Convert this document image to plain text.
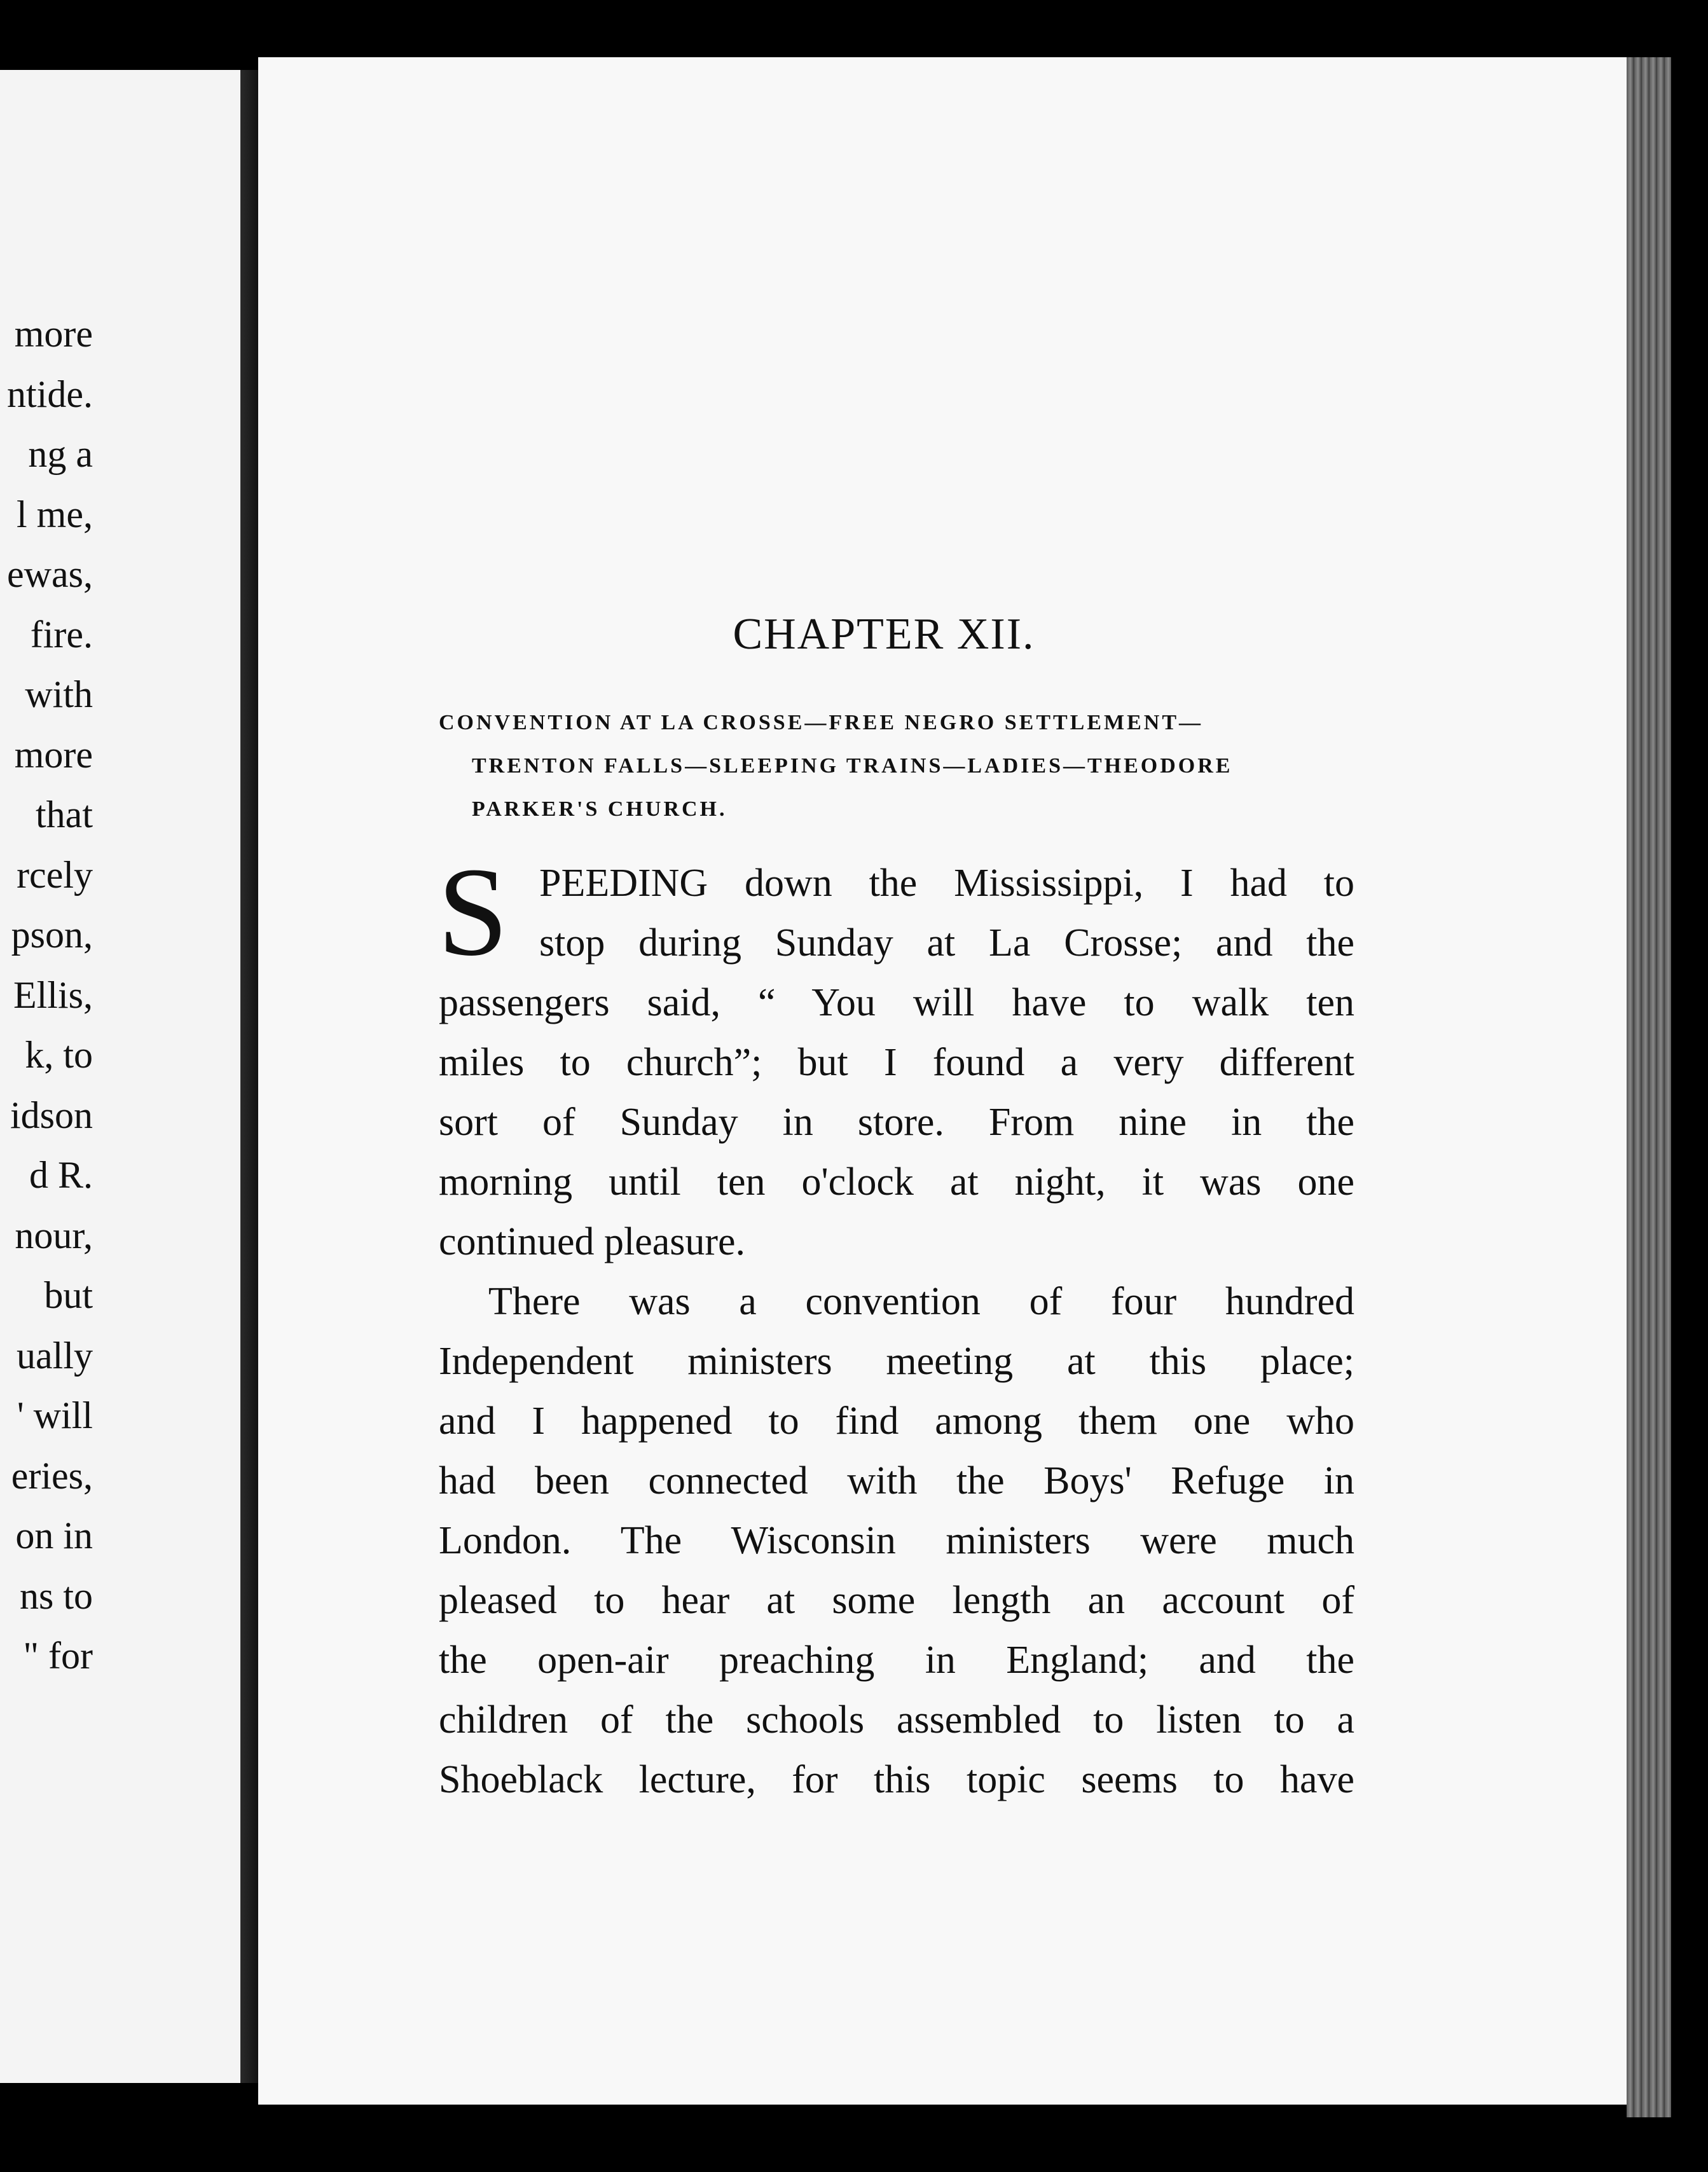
more
ntide.
ng a
l me,
ewas,
fire.
with
more
that
rcely
pson,
Ellis,
k, to
idson
d R.
nour,
but
ually
' will
eries,
on in
ns to
" for
CHAPTER XII.
CONVENTION AT LA CROSSE—FREE NEGRO SETTLEMENT—
TRENTON FALLS—SLEEPING TRAINS—LADIES—THEODORE
PARKER'S CHURCH.
S PEEDING down the Mississippi, I had to
stop during Sunday at La Crosse; and the
passengers said, “ You will have to walk ten
miles to church”; but I found a very different
sort of Sunday in store. From nine in the
morning until ten o'clock at night, it was one
continued pleasure.
There was a convention of four hundred
Independent ministers meeting at this place;
and I happened to find among them one who
had been connected with the Boys' Refuge in
London. The Wisconsin ministers were much
pleased to hear at some length an account of
the open-air preaching in England; and the
children of the schools assembled to listen to a
Shoeblack lecture, for this topic seems to have
